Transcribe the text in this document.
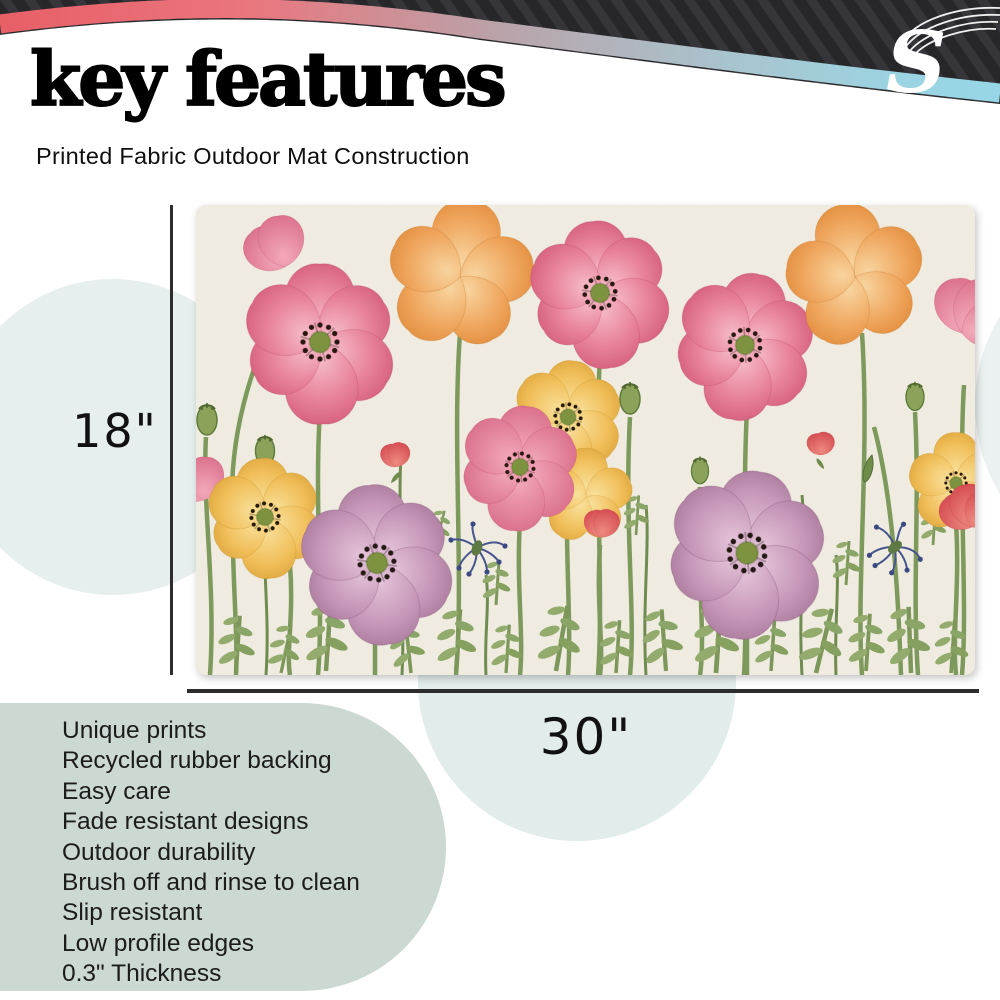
S
key features
Printed Fabric Outdoor Mat Construction
18"
30"
Unique prints
Recycled rubber backing
Easy care
Fade resistant designs
Outdoor durability
Brush off and rinse to clean
Slip resistant
Low profile edges
0.3" Thickness
